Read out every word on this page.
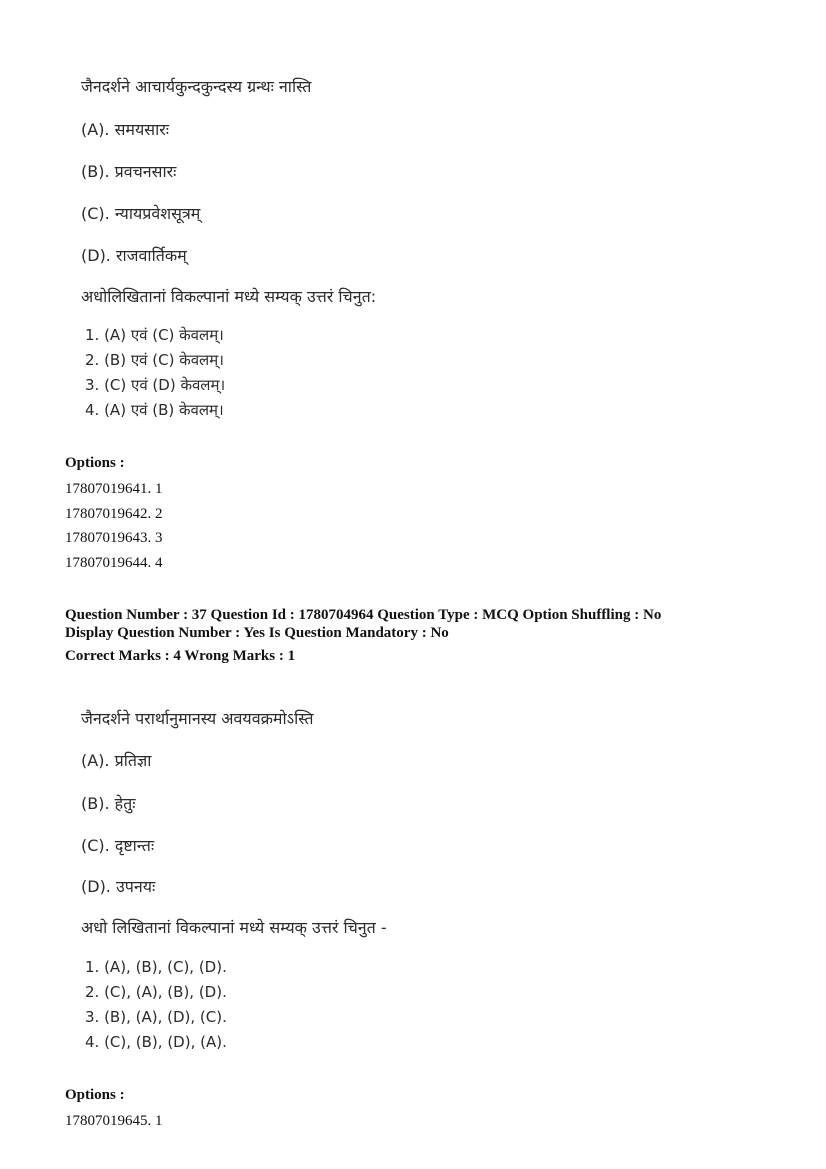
जैनदर्शने आचार्यकुन्दकुन्दस्य ग्रन्थः नास्ति
(A). समयसारः
(B). प्रवचनसारः
(C). न्यायप्रवेशसूत्रम्
(D). राजवार्तिकम्
अधोलिखितानां विकल्पानां मध्ये सम्यक् उत्तरं चिनुत:
1. (A) एवं (C) केवलम्।
2. (B) एवं (C) केवलम्।
3. (C) एवं (D) केवलम्।
4. (A) एवं (B) केवलम्।
Options :
17807019641. 1
17807019642. 2
17807019643. 3
17807019644. 4
Question Number : 37 Question Id : 1780704964 Question Type : MCQ Option Shuffling : No
Display Question Number : Yes Is Question Mandatory : No
Correct Marks : 4 Wrong Marks : 1
जैनदर्शने परार्थानुमानस्य अवयवक्रमोऽस्ति
(A). प्रतिज्ञा
(B). हेतुः
(C). दृष्टान्तः
(D). उपनयः
अधो लिखितानां विकल्पानां मध्ये सम्यक् उत्तरं चिनुत -
1. (A), (B), (C), (D).
2. (C), (A), (B), (D).
3. (B), (A), (D), (C).
4. (C), (B), (D), (A).
Options :
17807019645. 1
